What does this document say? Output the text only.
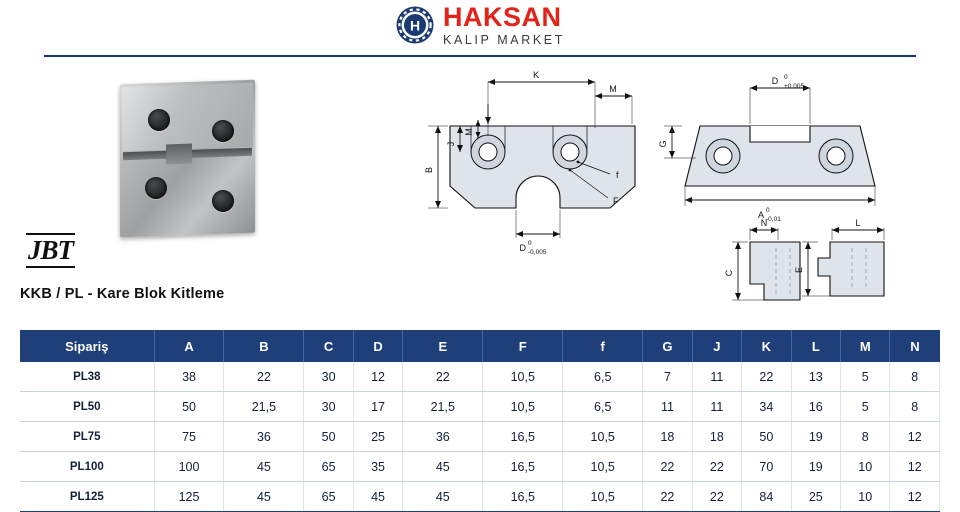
H HAKSAN
KALIP MARKET
JBT
KKB / PL - Kare Blok Kitleme
K
M
B
J
M
f
F
D 0
-0,005
D 0
+0.005
G
A 0
-0,01
N
C
L
E
Sipariş	A	B	C	D	E	F	f	G	J	K	L	M	N
PL38	38	22	30	12	22	10,5	6,5	7	11	22	13	5	8
PL50	50	21,5	30	17	21,5	10,5	6,5	11	11	34	16	5	8
PL75	75	36	50	25	36	16,5	10,5	18	18	50	19	8	12
PL100	100	45	65	35	45	16,5	10,5	22	22	70	19	10	12
PL125	125	45	65	45	45	16,5	10,5	22	22	84	25	10	12
